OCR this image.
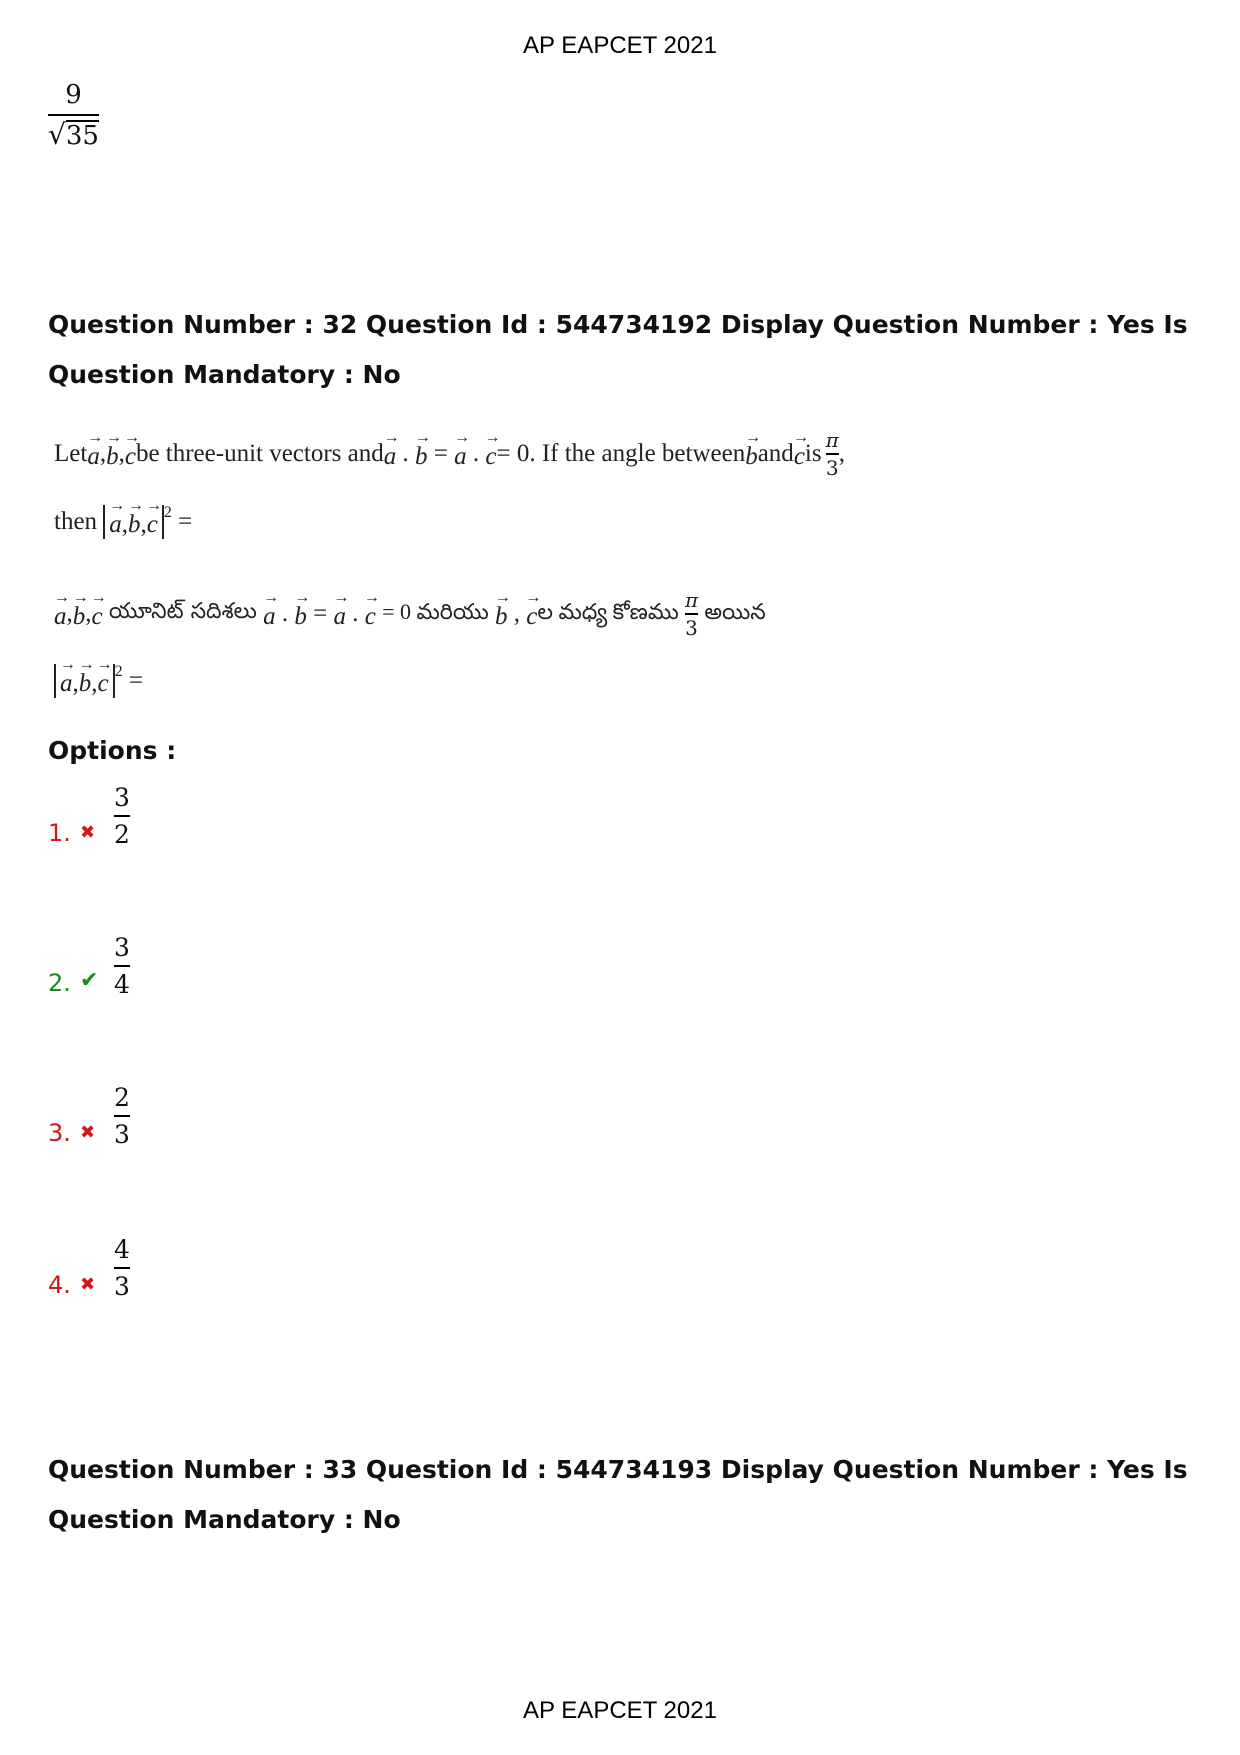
AP EAPCET 2021
$\frac{9}{√ 35}$
Question Number : 32 Question Id : 544734192 Display Question Number : Yes Is Question Mandatory : No
Let → a , → b , → c be three-unit vectors and → a . → b = → a . → c = 0. If the angle between → b and → c is $\frac{\pi}{3}$ ,
then
→ a,→ b,→ c $^2$
=
→ a , → b , → c
యూనిట్ సదిశలు
→ a . → b = → a . → c
= 0 మరియు
→ b , → c ల మధ్య కోణము
$\frac{\pi}{3}$
అయిన
→ a,→ b,→ c $^2$
=
Options :
1. ✖ $\frac{3}{2}$
2. ✔ $\frac{3}{4}$
3. ✖ $\frac{2}{3}$
4. ✖ $\frac{4}{3}$
Question Number : 33 Question Id : 544734193 Display Question Number : Yes Is Question Mandatory : No
AP EAPCET 2021
